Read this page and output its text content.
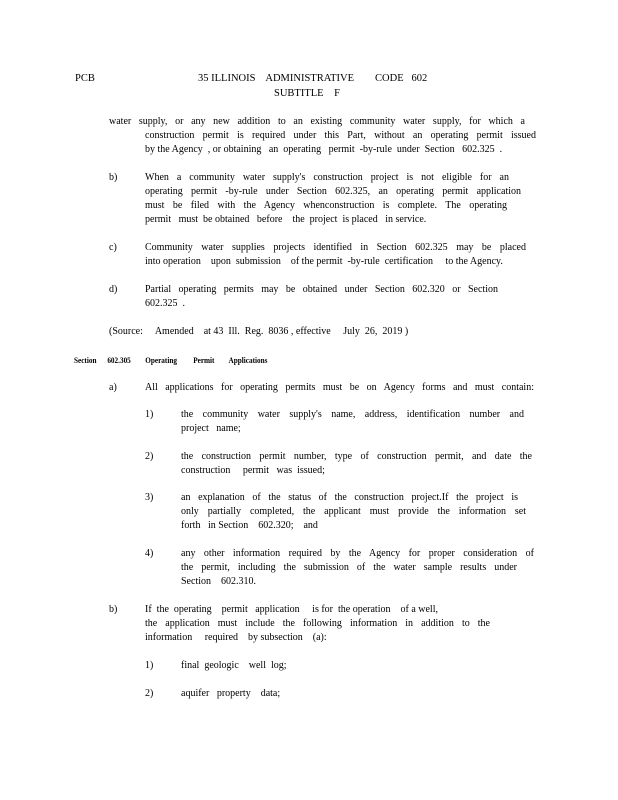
PCB	35 ILLINOIS    ADMINISTRATIVE        CODE   602
SUBTITLE    F
water supply, or any new addition to an existing community water supply, for which a
construction permit is required under this Part, without an operating permit issued
by the Agency  , or obtaining   an  operating   permit  -by-rule  under  Section   602.325  .
b)	When a community water supply's construction project is not eligible for an
operating permit -by-rule under Section 602.325, an operating permit application
must be filed with the Agency whenconstruction is complete. The operating
permit   must  be obtained   before    the  project  is placed   in service.
c)	Community water supplies projects identified in Section 602.325 may be placed
into operation    upon  submission    of the permit  -by-rule  certification     to the Agency.
d)	Partial operating permits may be obtained under Section 602.320 or Section
602.325  .
(Source:     Amended    at 43  Ill.  Reg.  8036 , effective     July  26,  2019 )
Section      602.305        Operating         Permit        Applications
a)	All applications for operating permits must be on Agency forms and must contain:
1)	the community water supply's name, address, identification number and
project   name;
2)	the construction permit number, type of construction permit, and date the
construction     permit   was  issued;
3)	an explanation of the status of the construction project.If the project is
only partially completed, the applicant must provide the information set
forth   in Section    602.320;    and
4)	any other information required by the Agency for proper consideration of
the permit, including the submission of the water sample results under
Section    602.310.
b)	If  the  operating    permit   application     is for  the operation    of a well,
the application must include the following information in addition to the
information     required    by subsection    (a):
1)	final  geologic    well  log;
2)	aquifer   property    data;
